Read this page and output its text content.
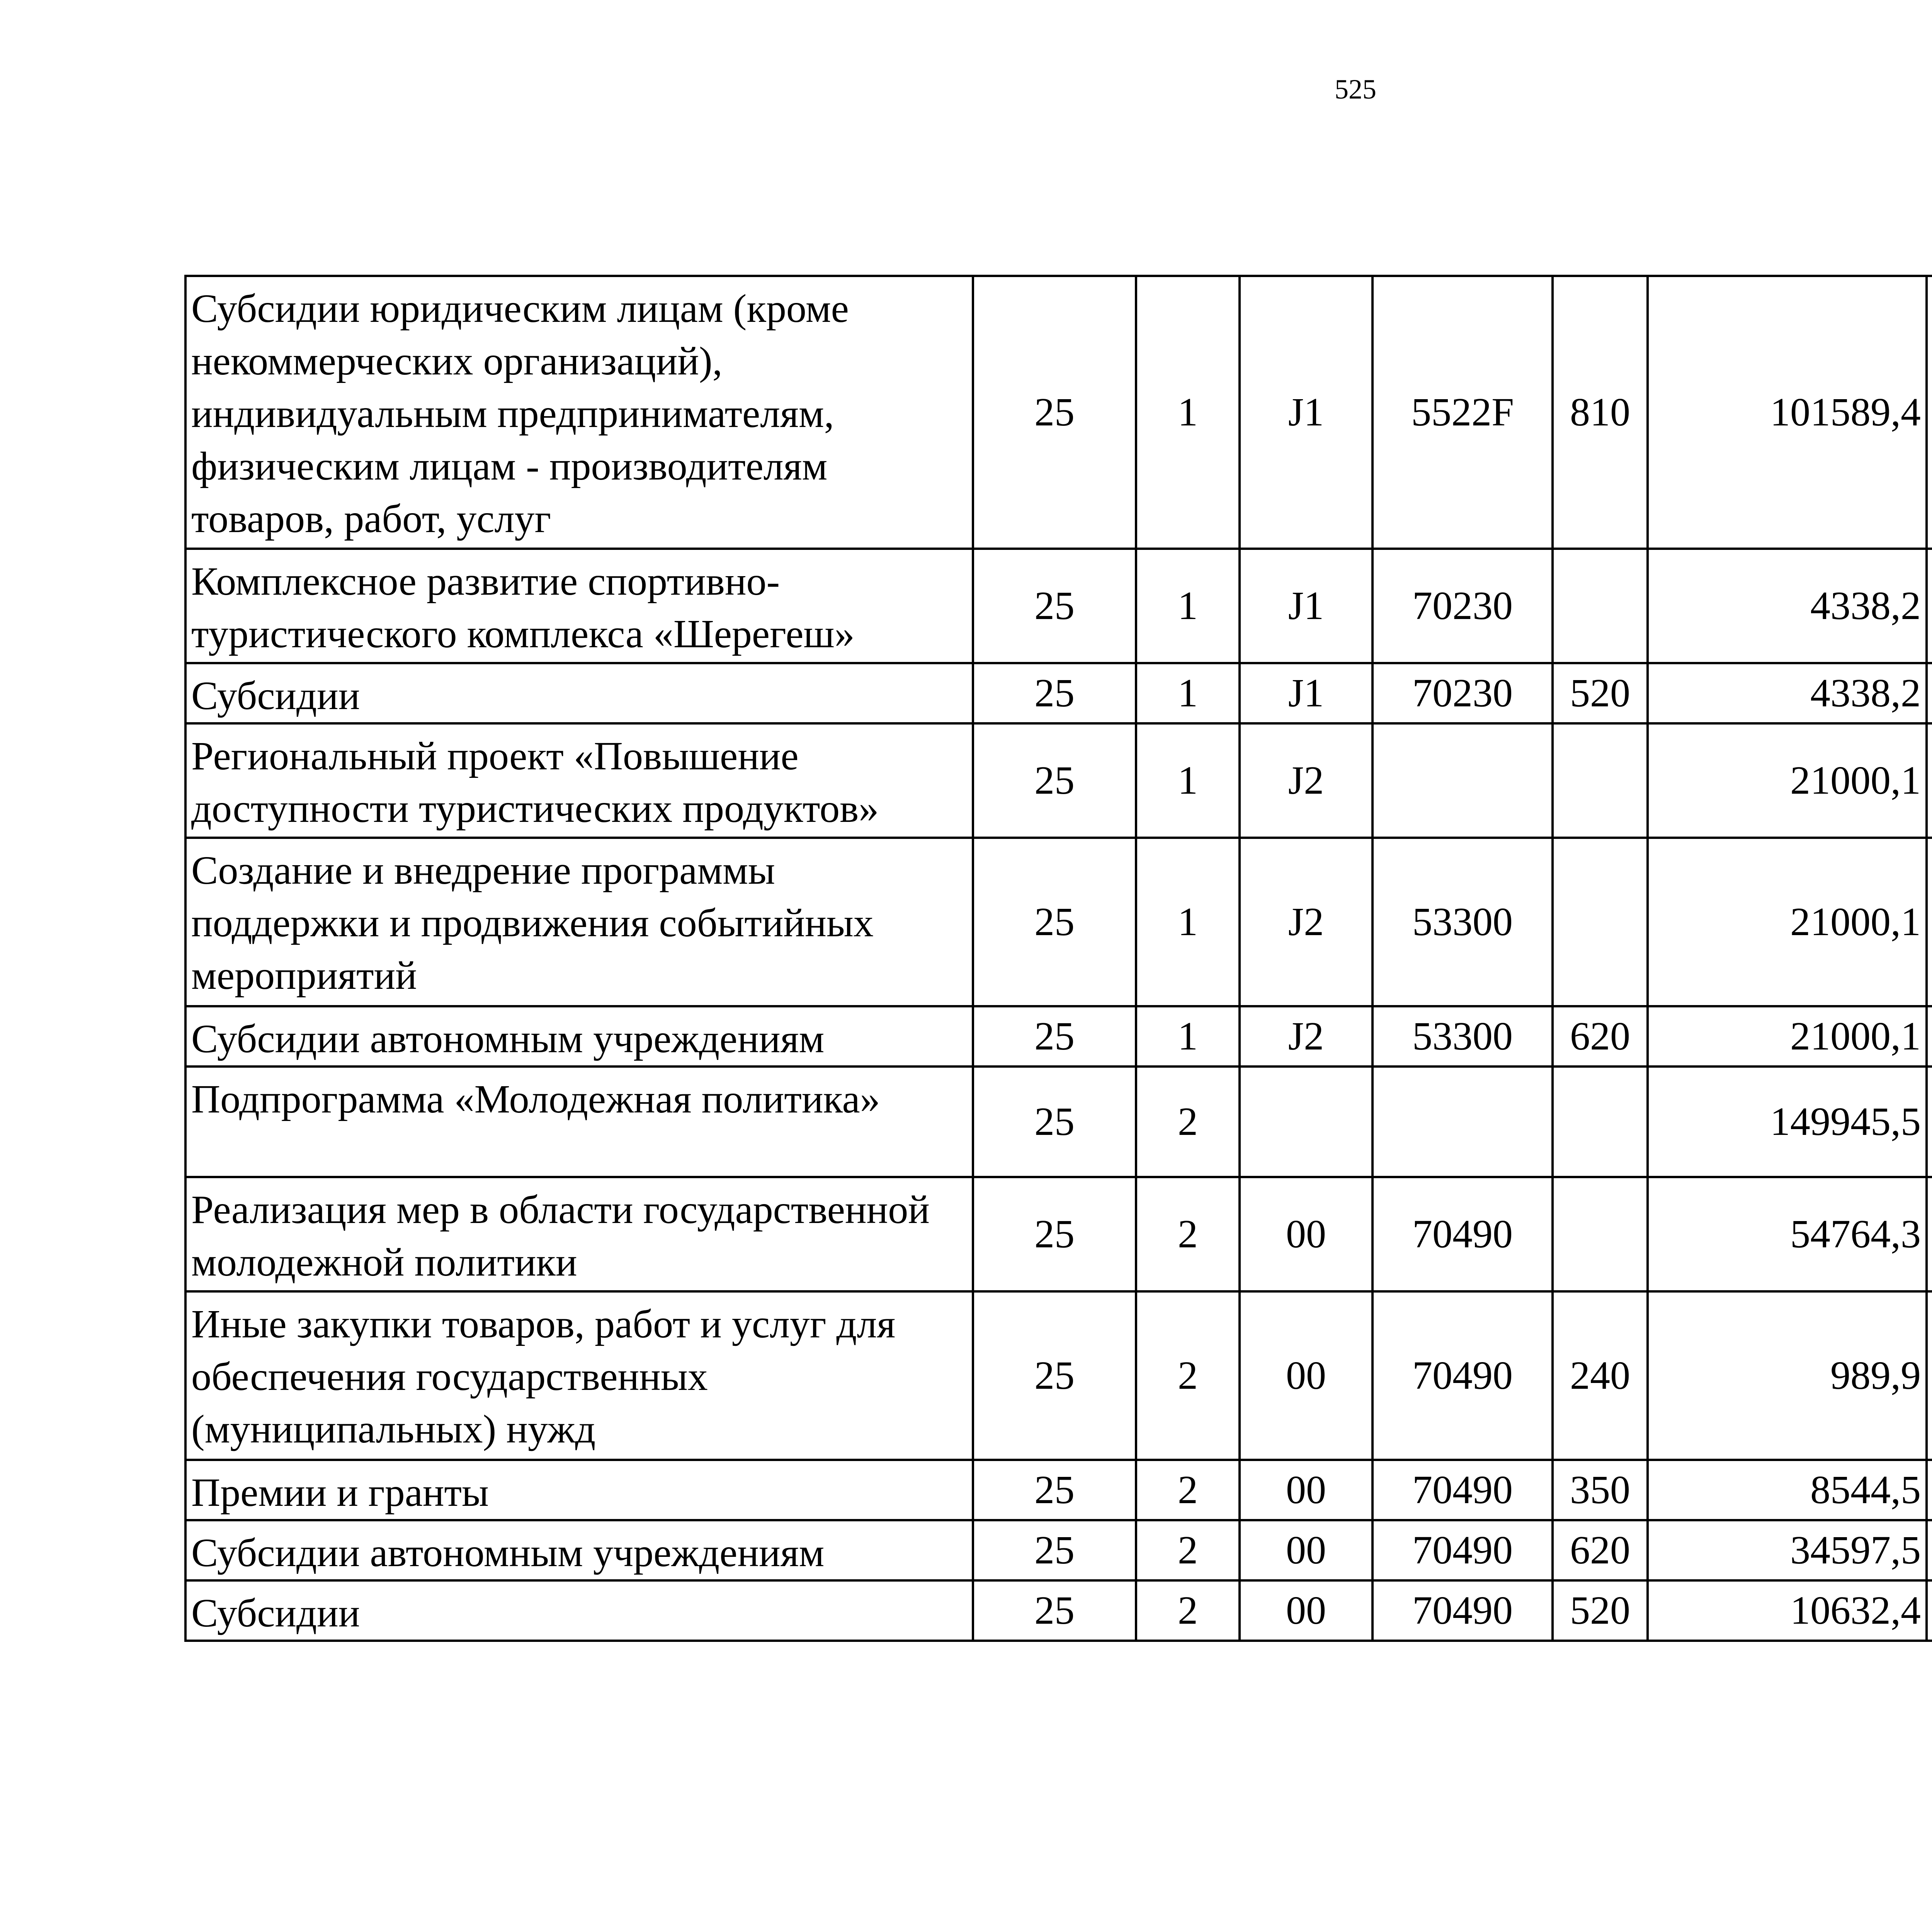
525
Субсидии юридическим лицам (кроме некоммерческих организаций), индивидуальным предпринимателям, физическим лицам - производителям товаров, работ, услуг	25	1	J1	5522F	810	101589,4		
Комплексное развитие спортивно-туристического комплекса «Шерегеш»	25	1	J1	70230		4338,2		
Субсидии	25	1	J1	70230	520	4338,2		
Региональный проект «Повышение доступности туристических продуктов»	25	1	J2			21000,1		
Создание и внедрение программы поддержки и продвижения событийных мероприятий	25	1	J2	53300		21000,1		
Субсидии автономным учреждениям	25	1	J2	53300	620	21000,1		
Подпрограмма «Молодежная политика»	25	2				149945,5		
Реализация мер в области государственной молодежной политики	25	2	00	70490		54764,3		
Иные закупки товаров, работ и услуг для обеспечения государственных (муниципальных) нужд	25	2	00	70490	240	989,9		
Премии и гранты	25	2	00	70490	350	8544,5		
Субсидии автономным учреждениям	25	2	00	70490	620	34597,5		
Субсидии	25	2	00	70490	520	10632,4		
